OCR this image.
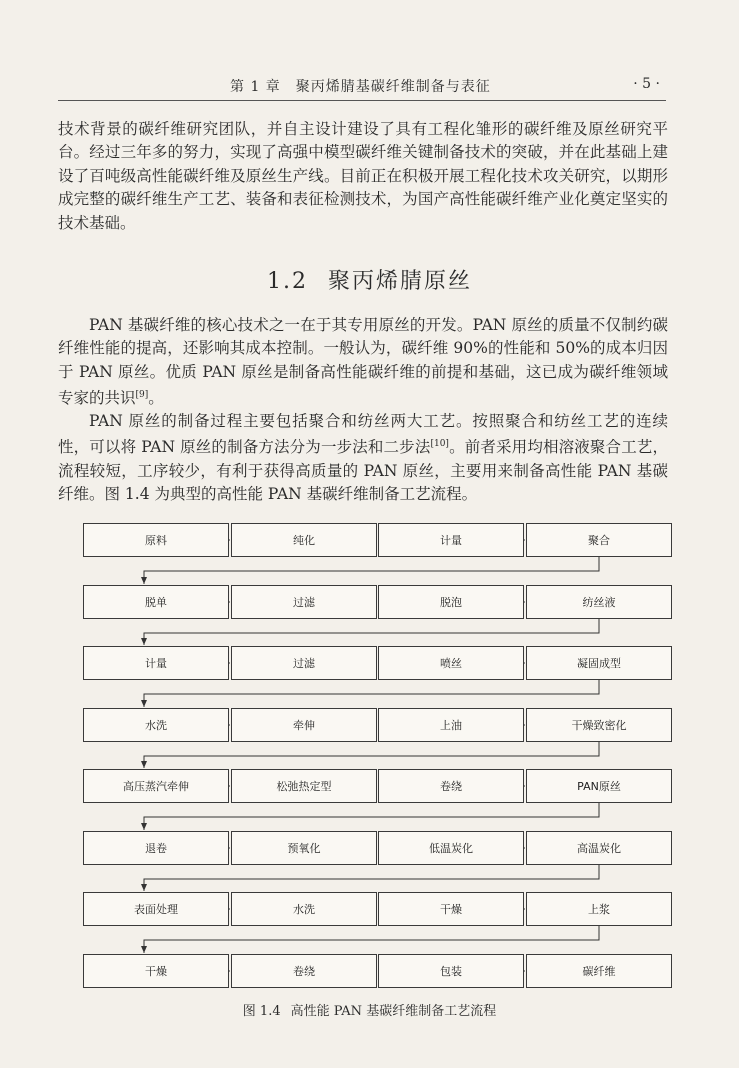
第 1 章　聚丙烯腈基碳纤维制备与表征	· 5 ·

技术背景的碳纤维研究团队，并自主设计建设了具有工程化雏形的碳纤维及原丝研究平台。经过三年多的努力，实现了高强中模型碳纤维关键制备技术的突破，并在此基础上建设了百吨级高性能碳纤维及原丝生产线。目前正在积极开展工程化技术攻关研究，以期形成完整的碳纤维生产工艺、装备和表征检测技术，为国产高性能碳纤维产业化奠定坚实的技术基础。

1.2 聚丙烯腈原丝

PAN 基碳纤维的核心技术之一在于其专用原丝的开发。PAN 原丝的质量不仅制约碳纤维性能的提高，还影响其成本控制。一般认为，碳纤维 90%的性能和 50%的成本归因于 PAN 原丝。优质 PAN 原丝是制备高性能碳纤维的前提和基础，这已成为碳纤维领域专家的共识[9]。

PAN 原丝的制备过程主要包括聚合和纺丝两大工艺。按照聚合和纺丝工艺的连续性，可以将 PAN 原丝的制备方法分为一步法和二步法[10]。前者采用均相溶液聚合工艺，流程较短，工序较少，有利于获得高质量的 PAN 原丝，主要用来制备高性能 PAN 基碳纤维。图 1.4 为典型的高性能 PAN 基碳纤维制备工艺流程。

原料	纯化	计量	聚合
脱单	过滤	脱泡	纺丝液
计量	过滤	喷丝	凝固成型
水洗	牵伸	上油	干燥致密化
高压蒸汽牵伸	松弛热定型	卷绕	PAN原丝
退卷	预氧化	低温炭化	高温炭化
表面处理	水洗	干燥	上浆
干燥	卷绕	包装	碳纤维
图 1.4 高性能 PAN 基碳纤维制备工艺流程
